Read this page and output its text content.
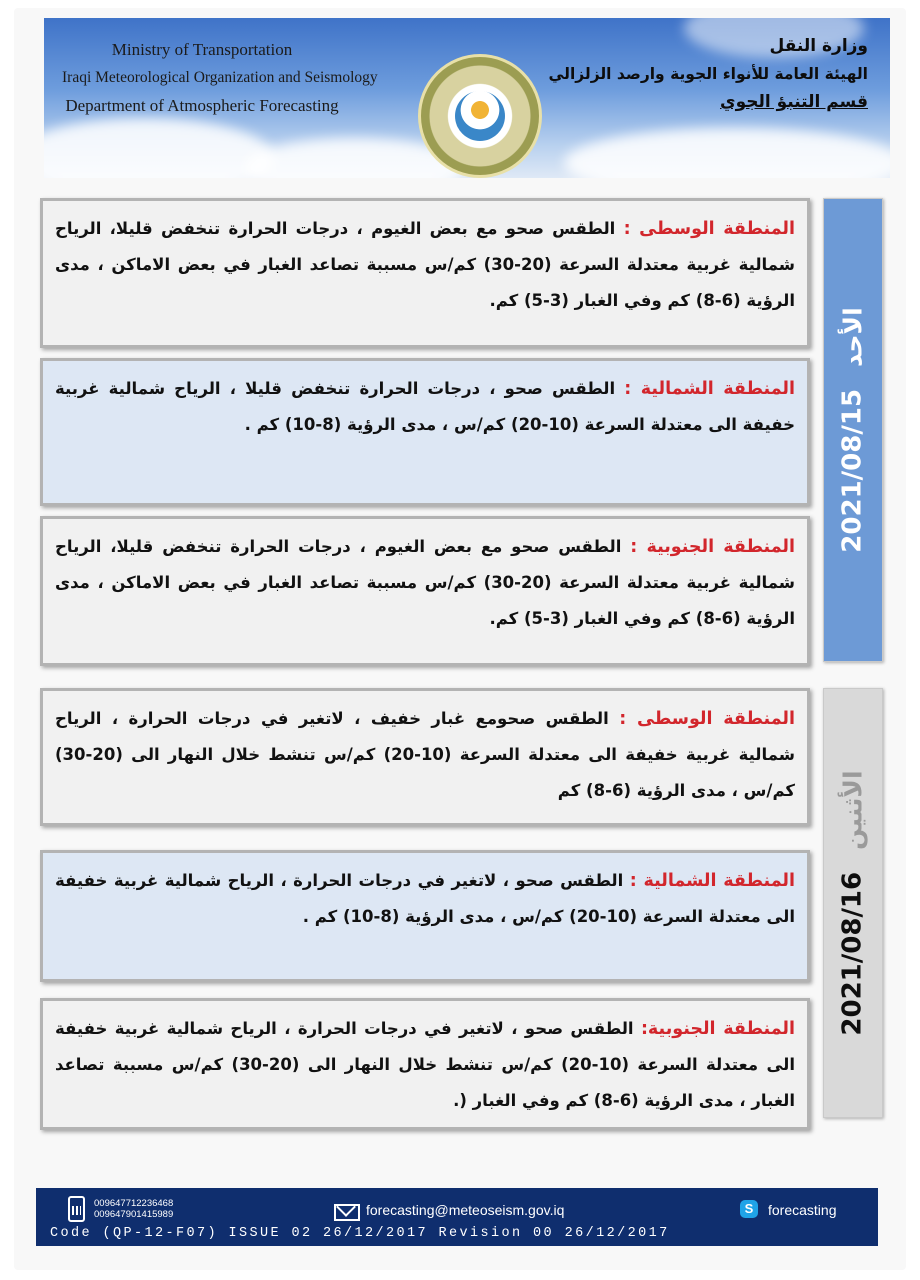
Ministry of Transportation
Iraqi Meteorological Organization and Seismology
Department of Atmospheric Forecasting
وزارة النقل
الهيئة العامة للأنواء الجوية وارصد الزلزالي
قسم التنبؤ الجوي
2021/08/15
الأحد
2021/08/16
الأثنين

المنطقة الوسطى : الطقس صحو مع بعض الغيوم ، درجات الحرارة تنخفض قليلا، الرياح شمالية غربية معتدلة السرعة (20-30) كم/س مسببة تصاعد الغبار في بعض الاماكن ، مدى الرؤية (6-8) كم وفي الغبار (3-5) كم.

المنطقة الشمالية : الطقس صحو ، درجات الحرارة تنخفض قليلا ، الرياح شمالية غربية خفيفة الى معتدلة السرعة (10-20) كم/س ، مدى الرؤية (8-10) كم .

المنطقة الجنوبية : الطقس صحو مع بعض الغيوم ، درجات الحرارة تنخفض قليلا، الرياح شمالية غربية معتدلة السرعة (20-30) كم/س مسببة تصاعد الغبار في بعض الاماكن ، مدى الرؤية (6-8) كم وفي الغبار (3-5) كم.

المنطقة الوسطى : الطقس صحومع غبار خفيف ، لاتغير في درجات الحرارة ، الرياح شمالية غربية خفيفة الى معتدلة السرعة (10-20) كم/س تنشط خلال النهار الى (20-30) كم/س ، مدى الرؤية (6-8) كم

المنطقة الشمالية : الطقس صحو ، لاتغير في درجات الحرارة ، الرياح شمالية غربية خفيفة الى معتدلة السرعة (10-20) كم/س ، مدى الرؤية (8-10) كم .

المنطقة الجنوبية: الطقس صحو ، لاتغير في درجات الحرارة ، الرياح شمالية غربية خفيفة الى معتدلة السرعة (10-20) كم/س تنشط خلال النهار الى (20-30) كم/س مسببة تصاعد الغبار ، مدى الرؤية (6-8) كم وفي الغبار (.

009647712236468
009647901415989	forecasting@meteoseism.gov.iq	S	forecasting
Code (QP-12-F07) ISSUE 02 26/12/2017 Revision 00 26/12/2017
